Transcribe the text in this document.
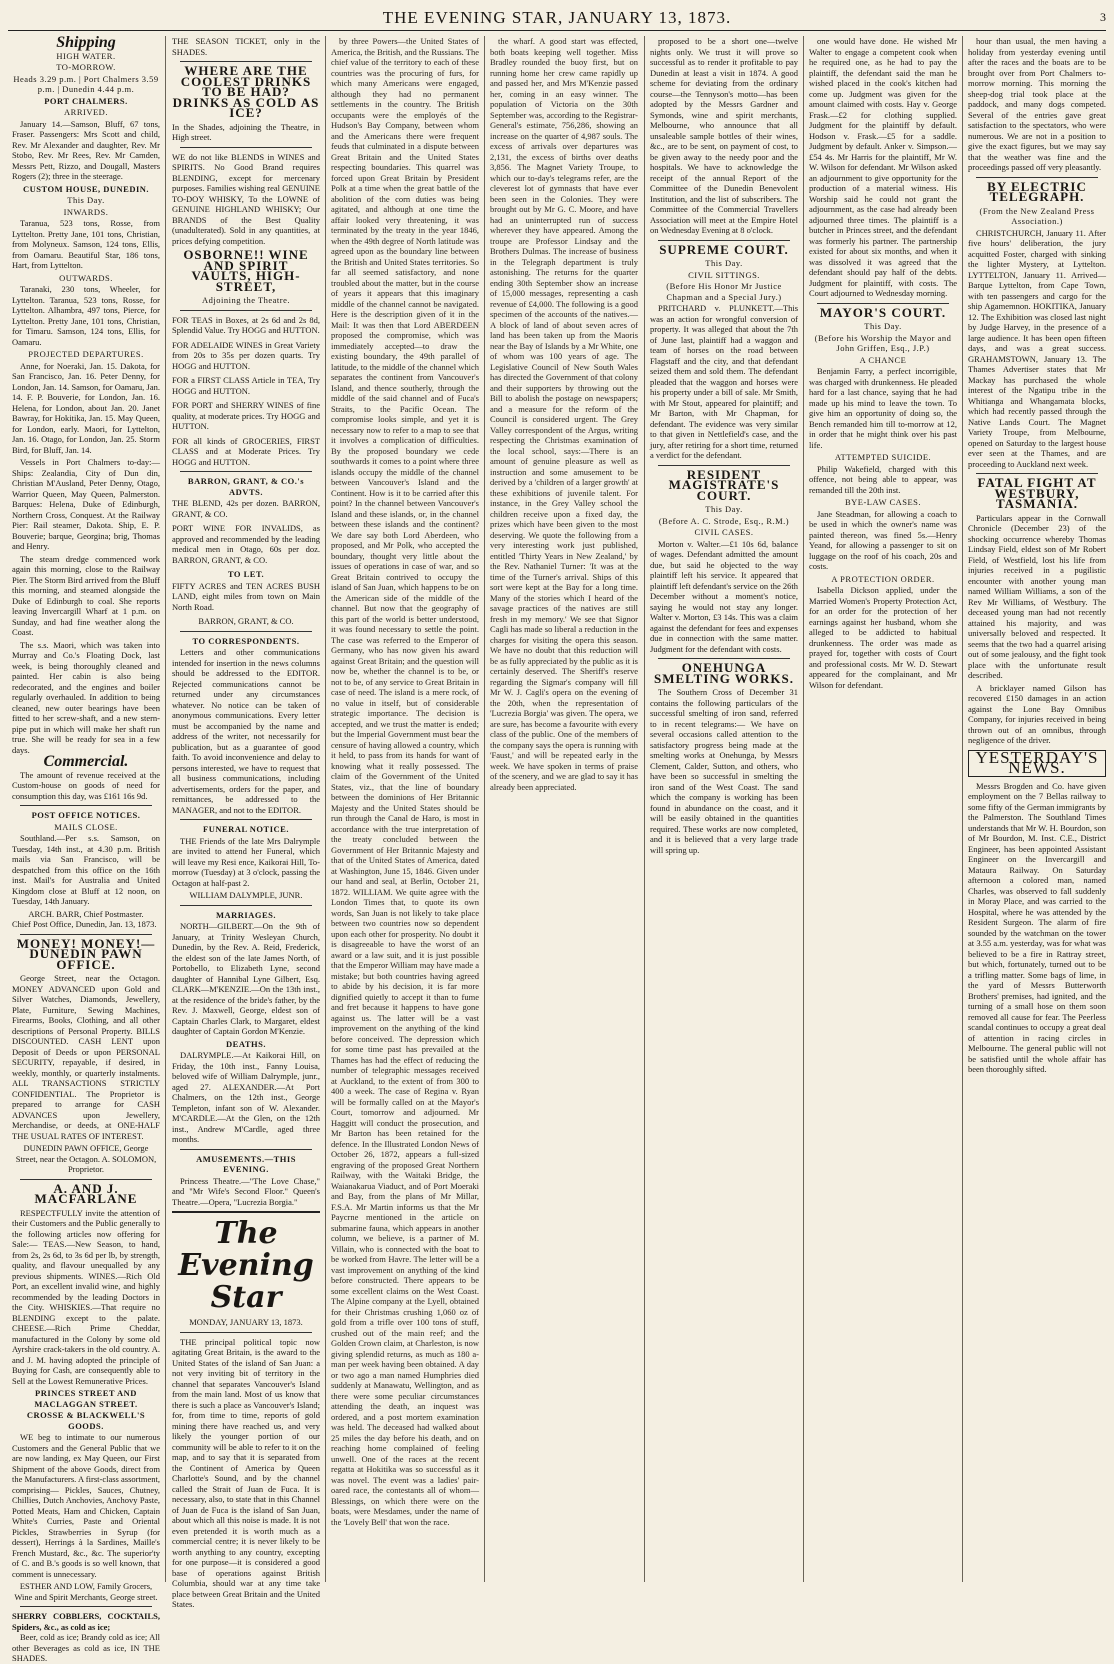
THE EVENING STAR, JANUARY 13, 1873.	3
Shipping
HIGH WATER.
TO-MORROW.
Heads 3.29 p.m. | Port Chalmers 3.59 p.m. | Dunedin 4.44 p.m.
PORT CHALMERS.
ARRIVED.

January 14.—Samson, Bluff, 67 tons, Fraser. Passengers: Mrs Scott and child, Rev. Mr Alexander and daughter, Rev. Mr Stobo, Rev. Mr Rees, Rev. Mr Camden, Messrs Pett, Rizzo, and Dougall, Masters Rogers (2); three in the steerage.

CUSTOM HOUSE, DUNEDIN.
This Day.
INWARDS.

Taranua, 523 tons, Rosse, from Lyttelton. Pretty Jane, 101 tons, Christian, from Molyneux. Samson, 124 tons, Ellis, from Oamaru. Beautiful Star, 186 tons, Hart, from Lyttelton.

OUTWARDS.

Taranaki, 230 tons, Wheeler, for Lyttelton. Taranua, 523 tons, Rosse, for Lyttelton. Alhambra, 497 tons, Pierce, for Lyttelton. Pretty Jane, 101 tons, Christian, for Timaru. Samson, 124 tons, Ellis, for Oamaru.

PROJECTED DEPARTURES.

Anne, for Noeraki, Jan. 15. Dakota, for San Francisco, Jan. 16. Peter Denny, for London, Jan. 14. Samson, for Oamaru, Jan. 14. F. P. Bouverie, for London, Jan. 16. Helena, for London, about Jan. 20. Janet Bawray, for Hokitika, Jan. 15. May Queen, for London, early. Maori, for Lyttelton, Jan. 16. Otago, for London, Jan. 25. Storm Bird, for Bluff, Jan. 14.

Vessels in Port Chalmers to-day:—Ships: Zealandia, City of Dun din, Christian M'Ausland, Peter Denny, Otago, Warrior Queen, May Queen, Palmerston. Barques: Helena, Duke of Edinburgh, Northern Cross, Conquest. At the Railway Pier: Rail steamer, Dakota. Ship, E. P. Bouverie; barque, Georgina; brig, Thomas and Henry.

The steam dredge commenced work again this morning, close to the Railway Pier. The Storm Bird arrived from the Bluff this morning, and steamed alongside the Duke of Edinburgh to coal. She reports leaving Invercargill Wharf at 1 p.m. on Sunday, and had fine weather along the Coast.

The s.s. Maori, which was taken into Murray and Co.'s Floating Dock, last week, is being thoroughly cleaned and painted. Her cabin is also being redecorated, and the engines and boiler regularly overhauled. In addition to being cleaned, new outer bearings have been fitted to her screw-shaft, and a new stern-pipe put in which will make her shaft run true. She will be ready for sea in a few days.

Commercial.

The amount of revenue received at the Custom-house on goods of need for consumption this day, was £161 16s 9d.

POST OFFICE NOTICES.
MAILS CLOSE.

Southland.—Per s.s. Samson, on Tuesday, 14th inst., at 4.30 p.m. British mails via San Francisco, will be despatched from this office on the 16th inst. Mail's for Australia and United Kingdom close at Bluff at 12 noon, on Tuesday, 14th January.

ARCH. BARR, Chief Postmaster.
Chief Post Office, Dunedin, Jan. 13, 1873.
MONEY! MONEY!—DUNEDIN PAWN OFFICE.

George Street, near the Octagon. MONEY ADVANCED upon Gold and Silver Watches, Diamonds, Jewellery, Plate, Furniture, Sewing Machines, Firearms, Books, Clothing, and all other descriptions of Personal Property. BILLS DISCOUNTED. CASH LENT upon Deposit of Deeds or upon PERSONAL SECURITY, repayable, if desired, in weekly, monthly, or quarterly instalments. ALL TRANSACTIONS STRICTLY CONFIDENTIAL. The Proprietor is prepared to arrange for CASH ADVANCES upon Jewellery, Merchandise, or deeds, at ONE-HALF THE USUAL RATES OF INTEREST.

DUNEDIN PAWN OFFICE, George Street, near the Octagon. A. SOLOMON, Proprietor.
A. AND J. MACFARLANE

RESPECTFULLY invite the attention of their Customers and the Public generally to the following articles now offering for Sale:— TEAS.—New Season, to hand, from 2s, 2s 6d, to 3s 6d per lb, by strength, quality, and flavour unequalled by any previous shipments. WINES.—Rich Old Port, an excellent invalid wine, and highly recommended by the leading Doctors in the City. WHISKIES.—That require no BLENDING except to the palate. CHEESE.—Rich Prime Cheddar, manufactured in the Colony by some old Ayrshire crack-takers in the old country. A. and J. M. having adopted the principle of Buying for Cash, are consequently able to Sell at the Lowest Remunerative Prices.

PRINCES STREET AND MACLAGGAN STREET.
CROSSE & BLACKWELL'S GOODS.

WE beg to intimate to our numerous Customers and the General Public that we are now landing, ex May Queen, our First Shipment of the above Goods, direct from the Manufacturers. A first-class assortment, comprising— Pickles, Sauces, Chutney, Chillies, Dutch Anchovies, Anchovy Paste, Potted Meats, Ham and Chicken, Captain White's Curries, Paste and Oriental Pickles, Strawberries in Syrup (for dessert), Herrings à la Sardines, Maille's French Mustard, &c., &c. The superior'ty of C. and B.'s goods is so well known, that comment is unnecessary.

ESTHER AND LOW, Family Grocers, Wine and Spirit Merchants, George street.
SHERRY COBBLERS, COCKTAILS, Spiders, &c., as cold as ice;

Beer, cold as ice; Brandy cold as ice; All other Beverages as cold as ice, IN THE SHADES.

THE SEASON TICKET, only in the SHADES.

WHERE ARE THE COOLEST DRINKS TO BE HAD? DRINKS AS COLD AS ICE?

In the Shades, adjoining the Theatre, in High street.

WE do not like BLENDS in WINES and SPIRITS. No Good Brand requires BLENDING, except for mercenary purposes. Families wishing real GENUINE TO-DOY WHISKY, To the LOWNE of GENUINE HIGHLAND WHISKY; Our BRANDS of the Best Quality (unadulterated). Sold in any quantities, at prices defying competition.

OSBORNE!! WINE AND SPIRIT VAULTS, HIGH-STREET,
Adjoining the Theatre.

FOR TEAS in Boxes, at 2s 6d and 2s 8d, Splendid Value. Try HOGG and HUTTON.

FOR ADELAIDE WINES in Great Variety from 20s to 35s per dozen quarts. Try HOGG and HUTTON.

FOR a FIRST CLASS Article in TEA, Try HOGG and HUTTON.

FOR PORT and SHERRY WINES of fine quality, at moderate prices. Try HOGG and HUTTON.

FOR all kinds of GROCERIES, FIRST CLASS and at Moderate Prices. Try HOGG and HUTTON.

BARRON, GRANT, & CO.'s ADVTS.

THE BLEND, 42s per dozen. BARRON, GRANT, & CO.

PORT WINE FOR INVALIDS, as approved and recommended by the leading medical men in Otago, 60s per doz. BARRON, GRANT, & CO.

TO LET.

FIFTY ACRES and TEN ACRES BUSH LAND, eight miles from town on Main North Road.

BARRON, GRANT, & CO.
TO CORRESPONDENTS.

Letters and other communications intended for insertion in the news columns should be addressed to the EDITOR. Rejected communications cannot be returned under any circumstances whatever. No notice can be taken of anonymous communications. Every letter must be accompanied by the name and address of the writer, not necessarily for publication, but as a guarantee of good faith. To avoid inconvenience and delay to persons interested, we have to request that all business communications, including advertisements, orders for the paper, and remittances, be addressed to the MANAGER, and not to the EDITOR.

FUNERAL NOTICE.

THE Friends of the late Mrs Dalrymple are invited to attend her Funeral, which will leave my Resi ence, Kaikorai Hill, To-morrow (Tuesday) at 3 o'clock, passing the Octagon at half-past 2.

WILLIAM DALYMPLE, JUNR.
MARRIAGES.

NORTH—GILBERT.—On the 9th of January, at Trinity Wesleyan Church, Dunedin, by the Rev. A. Reid, Frederick, the eldest son of the late James North, of Portobello, to Elizabeth Lyne, second daughter of Hannibal Lyne Gilbert, Esq. CLARK—M'KENZIE.—On the 13th inst., at the residence of the bride's father, by the Rev. J. Maxwell, George, eldest son of Captain Charles Clark, to Margaret, eldest daughter of Captain Gordon M'Kenzie.

DEATHS.

DALRYMPLE.—At Kaikorai Hill, on Friday, the 10th inst., Fanny Louisa, beloved wife of William Dalrymple, junr., aged 27. ALEXANDER.—At Port Chalmers, on the 12th inst., George Templeton, infant son of W. Alexander. M'CARDLE.—At the Glen, on the 12th inst., Andrew M'Cardle, aged three months.

AMUSEMENTS.—THIS EVENING.

Princess Theatre.—"The Love Chase," and "Mr Wife's Second Floor." Queen's Theatre.—Opera, "Lucrezia Borgia."

The Evening Star
MONDAY, JANUARY 13, 1873.

THE principal political topic now agitating Great Britain, is the award to the United States of the island of San Juan: a not very inviting bit of territory in the channel that separates Vancouver's Island from the main land. Most of us know that there is such a place as Vancouver's Island; for, from time to time, reports of gold mining there have reached us, and very likely the younger portion of our community will be able to refer to it on the map, and to say that it is separated from the Continent of America by Queen Charlotte's Sound, and by the channel called the Strait of Juan de Fuca. It is necessary, also, to state that in this Channel of Juan de Fuca is the island of San Juan, about which all this noise is made. It is not even pretended it is worth much as a commercial centre; it is never likely to be worth anything to any country, excepting for one purpose—it is considered a good base of operations against British Columbia, should war at any time take place between Great Britain and the United States.

by three Powers—the United States of America, the British, and the Russians. The chief value of the territory to each of these countries was the procuring of furs, for which many Americans were engaged, although they had no permanent settlements in the country. The British occupants were the employés of the Hudson's Bay Company, between whom and the Americans there were frequent feuds that culminated in a dispute between Great Britain and the United States respecting boundaries. This quarrel was forced upon Great Britain by President Polk at a time when the great battle of the abolition of the corn duties was being agitated, and although at one time the affair looked very threatening, it was terminated by the treaty in the year 1846, when the 49th degree of North latitude was agreed upon as the boundary line between the British and United States territories. So far all seemed satisfactory, and none troubled about the matter, but in the course of years it appears that this imaginary middle of the channel cannot be navigated. Here is the description given of it in the Mail: It was then that Lord ABERDEEN proposed the compromise, which was immediately accepted—to draw the existing boundary, the 49th parallel of latitude, to the middle of the channel which separates the continent from Vancouver's Island, and thence southerly, through the middle of the said channel and of Fuca's Straits, to the Pacific Ocean. The compromise looks simple, and yet it is necessary now to refer to a map to see that it involves a complication of difficulties. By the proposed boundary we cede southwards it comes to a point where three islands occupy the middle of the channel between Vancouver's Island and the Continent. How is it to be carried after this point? In the channel between Vancouver's Island and these islands, or, in the channel between these islands and the continent? We dare say both Lord Aberdeen, who proposed, and Mr Polk, who accepted the boundary, thought very little about the issues of operations in case of war, and so Great Britain contrived to occupy the island of San Juan, which happens to be on the American side of the middle of the channel. But now that the geography of this part of the world is better understood, it was found necessary to settle the point. The case was referred to the Emperor of Germany, who has now given his award against Great Britain; and the question will now be, whether the channel is to be, or not to be, of any service to Great Britain in case of need. The island is a mere rock, of no value in itself, but of considerable strategic importance. The decision is accepted, and we trust the matter is ended; but the Imperial Government must bear the censure of having allowed a country, which it held, to pass from its hands for want of knowing what it really possessed. The claim of the Government of the United States, viz., that the line of boundary between the dominions of Her Britannic Majesty and the United States should be run through the Canal de Haro, is most in accordance with the true interpretation of the treaty concluded between the Government of Her Britannic Majesty and that of the United States of America, dated at Washington, June 15, 1846. Given under our hand and seal, at Berlin, October 21, 1872. WILLIAM. We quite agree with the London Times that, to quote its own words, San Juan is not likely to take place between two countries now so dependent upon each other for prosperity. No doubt it is disagreeable to have the worst of an award or a law suit, and it is just possible that the Emperor William may have made a mistake; but both countries having agreed to abide by his decision, it is far more dignified quietly to accept it than to fume and fret because it happens to have gone against us. The latter will be a vast improvement on the anything of the kind before conceived. The depression which for some time past has prevailed at the Thames has had the effect of reducing the number of telegraphic messages received at Auckland, to the extent of from 300 to 400 a week. The case of Regina v. Ryan will be formally called on at the Mayor's Court, tomorrow and adjourned. Mr Haggitt will conduct the prosecution, and Mr Barton has been retained for the defence. In the Illustrated London News of October 26, 1872, appears a full-sized engraving of the proposed Great Northern Railway, with the Waitaki Bridge, the Waianakarua Viaduct, and of Port Moeraki and Bay, from the plans of Mr Millar, F.S.A. Mr Martin informs us that the Mr Paycrne mentioned in the article on submarine fauna, which appears in another column, we believe, is a partner of M. Villain, who is connected with the boat to be worked from Havre. The letter will be a vast improvement on anything of the kind before constructed. There appears to be some excellent claims on the West Coast. The Alpine company at the Lyell, obtained for their Christmas crushing 1,060 oz of gold from a trifle over 100 tons of stuff, crushed out of the main reef; and the Golden Crown claim, at Charleston, is now giving splendid returns, as much as 180 a-man per week having been obtained. A day or two ago a man named Humphries died suddenly at Manawatu, Wellington, and as there were some peculiar circumstances attending the death, an inquest was ordered, and a post mortem examination was held. The deceased had walked about 25 miles the day before his death, and on reaching home complained of feeling unwell. One of the races at the recent regatta at Hokitika was so successful as it was novel. The event was a ladies' pair-oared race, the contestants all of whom—Blessings, on which there were on the boats, were Mesdames, under the name of the 'Lovely Bell' that won the race.

the wharf. A good start was effected, both boats keeping well together. Miss Bradley rounded the buoy first, but on running home her crew came rapidly up and passed her, and Mrs M'Kenzie passed her, coming in an easy winner. The population of Victoria on the 30th September was, according to the Registrar-General's estimate, 756,286, showing an increase on the quarter of 4,987 souls. The excess of arrivals over departures was 2,131, the excess of births over deaths 3,856. The Magnet Variety Troupe, to which our to-day's telegrams refer, are the cleverest lot of gymnasts that have ever been seen in the Colonies. They were brought out by Mr G. C. Moore, and have had an uninterrupted run of success wherever they have appeared. Among the troupe are Professor Lindsay and the Brothers Dulmas. The increase of business in the Telegraph department is truly astonishing. The returns for the quarter ending 30th September show an increase of 15,000 messages, representing a cash revenue of £4,000. The following is a good specimen of the accounts of the natives.—A block of land of about seven acres of land has been taken up from the Maoris near the Bay of Islands by a Mr White, one of whom was 100 years of age. The Legislative Council of New South Wales has directed the Government of that colony and their supporters by throwing out the Bill to abolish the postage on newspapers; and a measure for the reform of the Council is considered urgent. The Grey Valley correspondent of the Argus, writing respecting the Christmas examination of the local school, says:—There is an amount of genuine pleasure as well as instruction and some amusement to be derived by a 'children of a larger growth' at these exhibitions of juvenile talent. For instance, in the Grey Valley school the children receive upon a fixed day, the prizes which have been given to the most deserving. We quote the following from a very interesting work just published, entitled 'Thirty Years in New Zealand,' by the Rev. Nathaniel Turner: 'It was at the time of the Turner's arrival. Ships of this sort were kept at the Bay for a long time. Many of the stories which I heard of the savage practices of the natives are still fresh in my memory.' We see that Signor Cagli has made so liberal a reduction in the charges for visiting the opera this season. We have no doubt that this reduction will be as fully appreciated by the public as it is certainly deserved. The Sheriff's reserve regarding the Sigmar's company will fill Mr W. J. Cagli's opera on the evening of the 20th, when the representation of 'Lucrezia Borgia' was given. The opera, we are sure, has become a favourite with every class of the public. One of the members of the company says the opera is running with 'Faust,' and will be repeated early in the week. We have spoken in terms of praise of the scenery, and we are glad to say it has already been appreciated.

proposed to be a short one—twelve nights only. We trust it will prove so successful as to render it profitable to pay Dunedin at least a visit in 1874. A good scheme for deviating from the ordinary course—the Tennyson's motto—has been adopted by the Messrs Gardner and Symonds, wine and spirit merchants, Melbourne, who announce that all unsaleable sample bottles of their wines, &c., are to be sent, on payment of cost, to be given away to the needy poor and the hospitals. We have to acknowledge the receipt of the annual Report of the Committee of the Dunedin Benevolent Institution, and the list of subscribers. The Committee of the Commercial Travellers Association will meet at the Empire Hotel on Wednesday Evening at 8 o'clock.

SUPREME COURT.
This Day.
CIVIL SITTINGS.
(Before His Honor Mr Justice Chapman and a Special Jury.)

PRITCHARD v. PLUNKETT.—This was an action for wrongful conversion of property. It was alleged that about the 7th of June last, plaintiff had a waggon and team of horses on the road between Flagstaff and the city, and that defendant seized them and sold them. The defendant pleaded that the waggon and horses were his property under a bill of sale. Mr Smith, with Mr Stout, appeared for plaintiff; and Mr Barton, with Mr Chapman, for defendant. The evidence was very similar to that given in Nettlefield's case, and the jury, after retiring for a short time, returned a verdict for the defendant.

RESIDENT MAGISTRATE'S COURT.
This Day.
(Before A. C. Strode, Esq., R.M.)
CIVIL CASES.

Morton v. Walter.—£1 10s 6d, balance of wages. Defendant admitted the amount due, but said he objected to the way plaintiff left his service. It appeared that plaintiff left defendant's service on the 26th December without a moment's notice, saying he would not stay any longer. Walter v. Morton, £3 14s. This was a claim against the defendant for fees and expenses due in connection with the same matter. Judgment for the defendant with costs.

ONEHUNGA SMELTING WORKS.

The Southern Cross of December 31 contains the following particulars of the successful smelting of iron sand, referred to in recent telegrams:— We have on several occasions called attention to the satisfactory progress being made at the smelting works at Onehunga, by Messrs Clement, Calder, Sutton, and others, who have been so successful in smelting the iron sand of the West Coast. The sand which the company is working has been found in abundance on the coast, and it will be easily obtained in the quantities required. These works are now completed, and it is believed that a very large trade will spring up.

one would have done. He wished Mr Walter to engage a competent cook when he required one, as he had to pay the plaintiff, the defendant said the man he wished placed in the cook's kitchen had come up. Judgment was given for the amount claimed with costs. Hay v. George Frask.—£2 for clothing supplied. Judgment for the plaintiff by default. Hodson v. Frask.—£5 for a saddle. Judgment by default. Anker v. Simpson.—£54 4s. Mr Harris for the plaintiff, Mr W. W. Wilson for defendant. Mr Wilson asked an adjournment to give opportunity for the production of a material witness. His Worship said he could not grant the adjournment, as the case had already been adjourned three times. The plaintiff is a butcher in Princes street, and the defendant was formerly his partner. The partnership existed for about six months, and when it was dissolved it was agreed that the defendant should pay half of the debts. Judgment for plaintiff, with costs. The Court adjourned to Wednesday morning.

MAYOR'S COURT.
This Day.
(Before his Worship the Mayor and John Griffen, Esq., J.P.)
A CHANCE

Benjamin Farry, a perfect incorrigible, was charged with drunkenness. He pleaded hard for a last chance, saying that he had made up his mind to leave the town. To give him an opportunity of doing so, the Bench remanded him till to-morrow at 12, in order that he might think over his past life.

ATTEMPTED SUICIDE.

Philip Wakefield, charged with this offence, not being able to appear, was remanded till the 20th inst.

BYE-LAW CASES.

Jane Steadman, for allowing a coach to be used in which the owner's name was painted thereon, was fined 5s.—Henry Yeand, for allowing a passenger to sit on luggage on the roof of his coach, 20s and costs.

A PROTECTION ORDER.

Isabella Dickson applied, under the Married Women's Property Protection Act, for an order for the protection of her earnings against her husband, whom she alleged to be addicted to habitual drunkenness. The order was made as prayed for, together with costs of Court and professional costs. Mr W. D. Stewart appeared for the complainant, and Mr Wilson for defendant.

hour than usual, the men having a holiday from yesterday evening until after the races and the boats are to be brought over from Port Chalmers to-morrow morning. This morning the sheep-dog trial took place at the paddock, and many dogs competed. Several of the entries gave great satisfaction to the spectators, who were numerous. We are not in a position to give the exact figures, but we may say that the weather was fine and the proceedings passed off very pleasantly.

BY ELECTRIC TELEGRAPH.
(From the New Zealand Press Association.)

CHRISTCHURCH, January 11. After five hours' deliberation, the jury acquitted Foster, charged with sinking the lighter Mystery, at Lyttelton. LYTTELTON, January 11. Arrived—Barque Lyttelton, from Cape Town, with ten passengers and cargo for the ship Agamemnon. HOKITIKA, January 12. The Exhibition was closed last night by Judge Harvey, in the presence of a large audience. It has been open fifteen days, and was a great success. GRAHAMSTOWN, January 13. The Thames Advertiser states that Mr Mackay has purchased the whole interest of the Ngatipu tribe in the Whitianga and Whangamata blocks, which had recently passed through the Native Lands Court. The Magnet Variety Troupe, from Melbourne, opened on Saturday to the largest house ever seen at the Thames, and are proceeding to Auckland next week.

FATAL FIGHT AT WESTBURY, TASMANIA.

Particulars appear in the Cornwall Chronicle (December 23) of the shocking occurrence whereby Thomas Lindsay Field, eldest son of Mr Robert Field, of Westfield, lost his life from injuries received in a pugilistic encounter with another young man named William Williams, a son of the Rev Mr Williams, of Westbury. The deceased young man had not recently attained his majority, and was universally beloved and respected. It seems that the two had a quarrel arising out of some jealousy, and the fight took place with the unfortunate result described.

A bricklayer named Gilson has recovered £150 damages in an action against the Lone Bay Omnibus Company, for injuries received in being thrown out of an omnibus, through negligence of the driver.

YESTERDAY'S NEWS.

Messrs Brogden and Co. have given employment on the 7 Bellas railway to some fifty of the German immigrants by the Palmerston. The Southland Times understands that Mr W. H. Bourdon, son of Mr Bourdon, M. Inst. C.E., District Engineer, has been appointed Assistant Engineer on the Invercargill and Mataura Railway. On Saturday afternoon a colored man, named Charles, was observed to fall suddenly in Moray Place, and was carried to the Hospital, where he was attended by the Resident Surgeon. The alarm of fire sounded by the watchman on the tower at 3.55 a.m. yesterday, was for what was believed to be a fire in Rattray street, but which, fortunately, turned out to be a trifling matter. Some bags of lime, in the yard of Messrs Butterworth Brothers' premises, had ignited, and the turning of a small hose on them soon removed all cause for fear. The Peerless scandal continues to occupy a great deal of attention in racing circles in Melbourne. The general public will not be satisfied until the whole affair has been thoroughly sifted.
